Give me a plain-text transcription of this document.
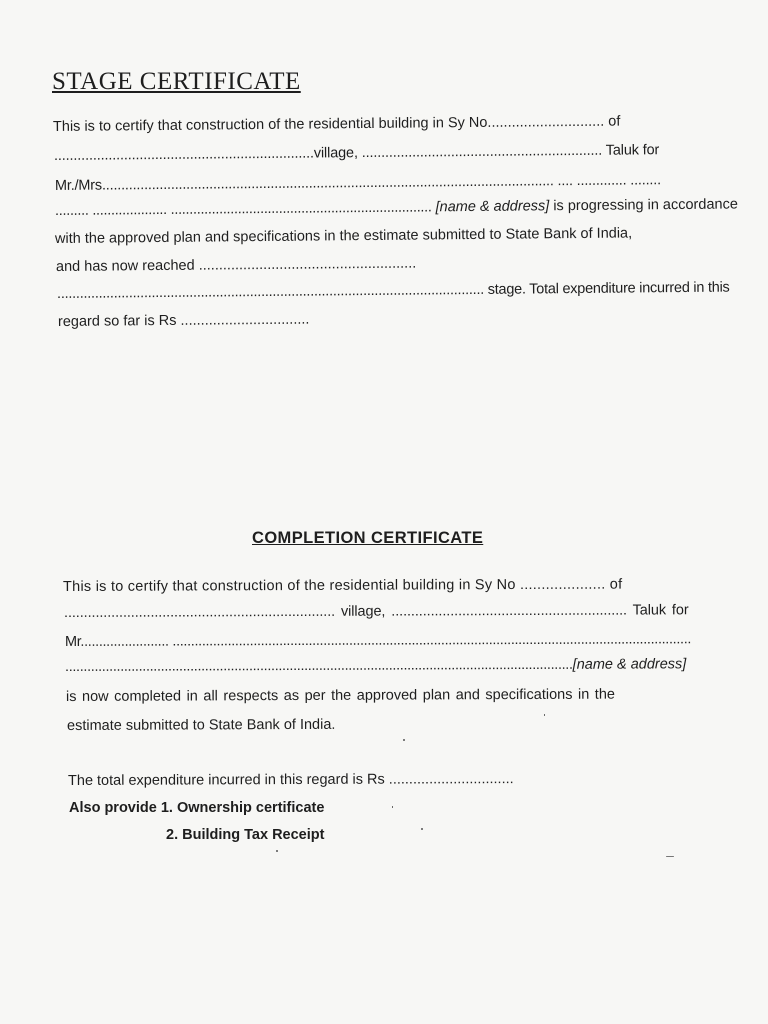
STAGE CERTIFICATE
This is to certify that construction of the residential building in Sy No............................. of
...................................................................village, .............................................................. Taluk for
Mr./Mrs...................................................................................................................... .... ............. ........
......... .................... ...................................................................... [name & address] is progressing in accordance
with the approved plan and specifications in the estimate submitted to State Bank of India,
and has now reached ......................................................
................................................................................................................. stage. Total expenditure incurred in this
regard so far is Rs ................................
COMPLETION CERTIFICATE
This is to certify that construction of the residential building in Sy No .................... of
..................................................................... village, ............................................................ Taluk for
Mr........................ .............................................................................................................................................
..........................................................................................................................................[name & address]
is now completed in all respects as per the approved plan and specifications in the
estimate submitted to State Bank of India.
The total expenditure incurred in this regard is Rs ...............................
Also provide 1. Ownership certificate
2. Building Tax Receipt
